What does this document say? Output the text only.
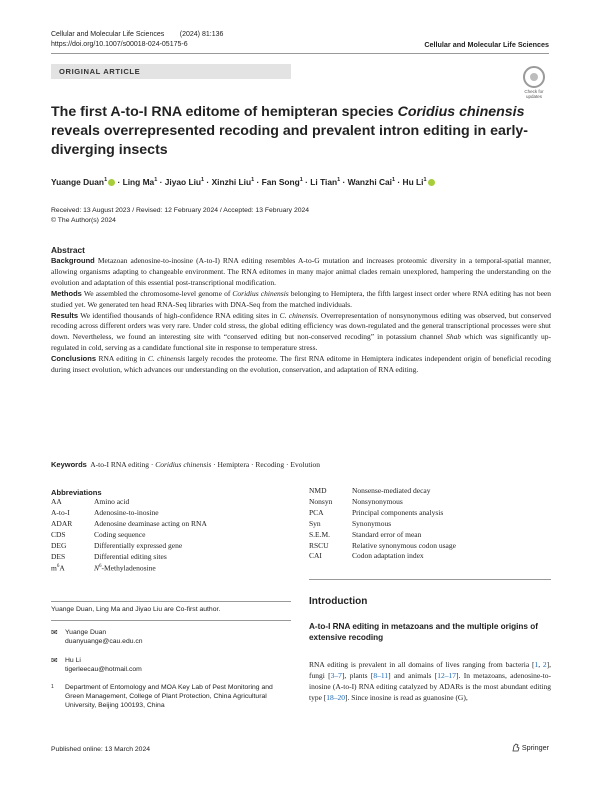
Cellular and Molecular Life Sciences        (2024) 81:136
https://doi.org/10.1007/s00018-024-05175-6	Cellular and Molecular Life Sciences
ORIGINAL ARTICLE
Check for
updates
The first A-to-I RNA editome of hemipteran species Coridius chinensis reveals overrepresented recoding and prevalent intron editing in early-diverging insects
Yuange Duan$^1$ · Ling $Ma^1$ · Jiyao Liu$^1$ · Xinzhi Liu$^1$ · Fan Song$^1$ · Li Tian$^1$ · Wanzhi Cai$^1$ · Hu Li$^1$
Received: 13 August 2023 / Revised: 12 February 2024 / Accepted: 13 February 2024
© The Author(s) 2024
Abstract

Background Metazoan adenosine-to-inosine (A-to-I) RNA editing resembles A-to-G mutation and increases proteomic diversity in a temporal-spatial manner, allowing organisms adapting to changeable environment. The RNA editomes in many major animal clades remain unexplored, hampering the understanding on the evolution and adaptation of this essential post-transcriptional modification.

Methods We assembled the chromosome-level genome of Coridius chinensis belonging to Hemiptera, the fifth largest insect order where RNA editing has not been studied yet. We generated ten head RNA-Seq libraries with DNA-Seq from the matched individuals.

Results We identified thousands of high-confidence RNA editing sites in C. chinensis. Overrepresentation of nonsynonymous editing was observed, but conserved recoding across different orders was very rare. Under cold stress, the global editing efficiency was down-regulated and the general transcriptional processes were shut down. Nevertheless, we found an interesting site with “conserved editing but non-conserved recoding” in potassium channel Shab which was significantly up-regulated in cold, serving as a candidate functional site in response to temperature stress.

Conclusions RNA editing in C. chinensis largely recodes the proteome. The first RNA editome in Hemiptera indicates independent origin of beneficial recoding during insect evolution, which advances our understanding on the evolution, conservation, and adaptation of RNA editing.

Keywords A-to-I RNA editing · Coridius chinensis · Hemiptera · Recoding · Evolution
Abbreviations
AA	Amino acid
A-to-I	Adenosine-to-inosine
ADAR	Adenosine deaminase acting on RNA
CDS	Coding sequence
DEG	Differentially expressed gene
DES	Differential editing sites
$m^6A$	$N^6$-Methyladenosine
NMD	Nonsense-mediated decay
Nonsyn	Nonsynonymous
PCA	Principal components analysis
Syn	Synonymous
S.E.M.	Standard error of mean
RSCU	Relative synonymous codon usage
CAI	Codon adaptation index
Yuange Duan, Ling Ma and Jiyao Liu are Co-first author.
✉ Yuange Duan
duanyuange@cau.edu.cn
✉ Hu Li
tigerleecau@hotmail.com
1 Department of Entomology and MOA Key Lab of Pest Monitoring and Green Management, College of Plant Protection, China Agricultural University, Beijing 100193, China
Introduction
A-to-I RNA editing in metazoans and the multiple origins of extensive recoding
RNA editing is prevalent in all domains of lives ranging from bacteria [1, 2], fungi [3–7], plants [8–11] and animals [12–17]. In metazoans, adenosine-to-inosine (A-to-I) RNA editing catalyzed by ADARs is the most abundant editing type [18–20]. Since inosine is read as guanosine (G),
Published online: 13 March 2024	Springer
